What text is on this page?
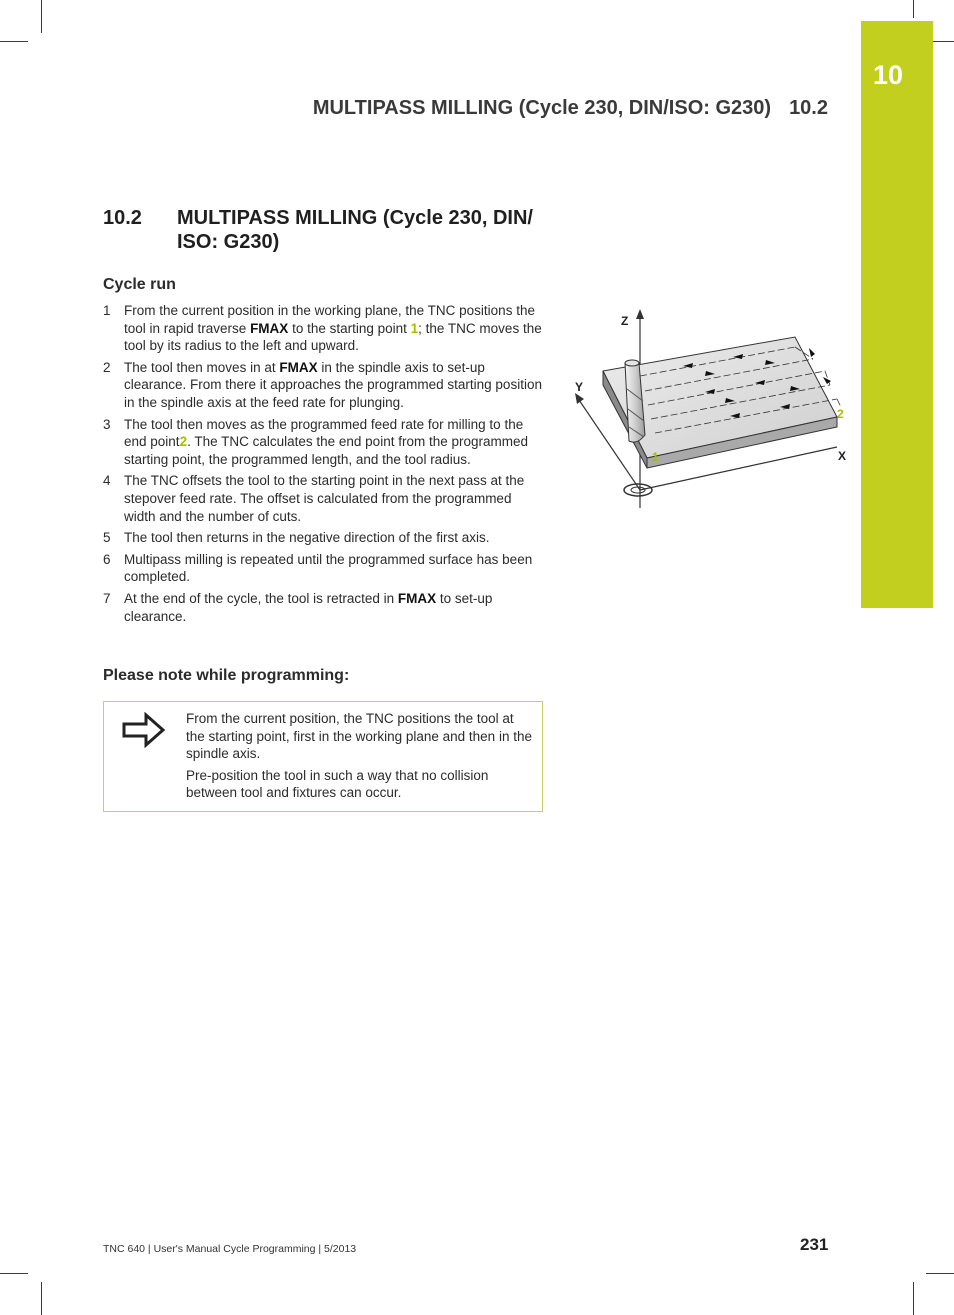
10
MULTIPASS MILLING (Cycle 230, DIN/ISO: G230) 10.2
10.2 MULTIPASS MILLING (Cycle 230, DIN/ ISO: G230)
Cycle run
1 From the current position in the working plane, the TNC positions the tool in rapid traverse FMAX to the starting point 1; the TNC moves the tool by its radius to the left and upward.
2 The tool then moves in at FMAX in the spindle axis to set-up clearance. From there it approaches the programmed starting position in the spindle axis at the feed rate for plunging.
3 The tool then moves as the programmed feed rate for milling to the end point2. The TNC calculates the end point from the programmed starting point, the programmed length, and the tool radius.
4 The TNC offsets the tool to the starting point in the next pass at the stepover feed rate. The offset is calculated from the programmed width and the number of cuts.
5 The tool then returns in the negative direction of the first axis.
6 Multipass milling is repeated until the programmed surface has been completed.
7 At the end of the cycle, the tool is retracted in FMAX to set-up clearance.
Please note while programming:

From the current position, the TNC positions the tool at the starting point, first in the working plane and then in the spindle axis.

Pre-position the tool in such a way that no collision between tool and fixtures can occur.

Z
Y
X
1
2
TNC 640 | User's Manual Cycle Programming | 5/2013	231
